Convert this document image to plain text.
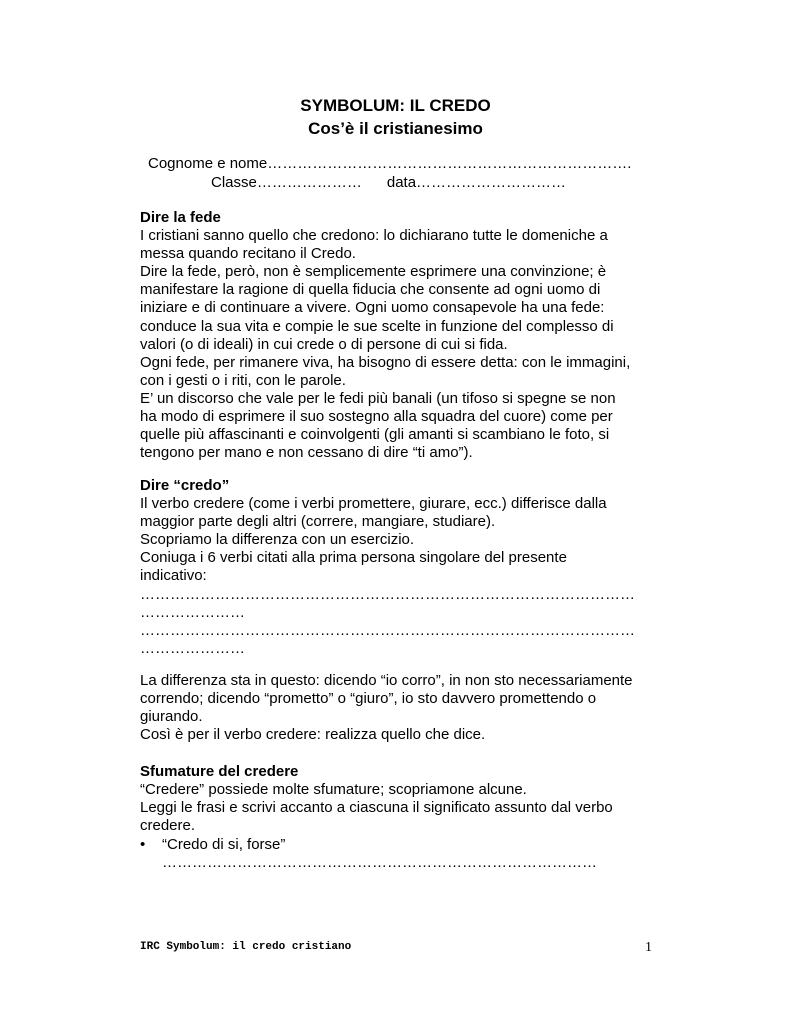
SYMBOLUM: IL CREDO
Cos’è il cristianesimo
Cognome e nome……………………………………………………………….
Classe…………………      data…………………………
Dire la fede
I cristiani sanno quello che credono: lo dichiarano tutte le domeniche a
messa quando recitano il Credo.
Dire la fede, però, non è semplicemente esprimere una convinzione; è
manifestare la ragione di quella fiducia che consente ad ogni uomo di
iniziare e di continuare a vivere. Ogni uomo consapevole ha una fede:
conduce la sua vita e compie le sue scelte in funzione del complesso di
valori (o di ideali) in cui crede o di persone di cui si fida.
Ogni fede, per rimanere viva, ha bisogno di essere detta: con le immagini,
con i gesti o i riti, con le parole.
E’ un discorso che vale per le fedi più banali (un tifoso si spegne se non
ha modo di esprimere il suo sostegno alla squadra del cuore) come per
quelle più affascinanti e coinvolgenti (gli amanti si scambiano le foto, si
tengono per mano e non cessano di dire “ti amo”).
Dire “credo”
Il verbo credere (come i verbi promettere, giurare, ecc.) differisce dalla
maggior parte degli altri (correre, mangiare, studiare).
Scopriamo la differenza con un esercizio.
Coniuga i 6 verbi citati alla prima persona singolare del presente
indicativo:
………………………………………………………………………………………
…………………
………………………………………………………………………………………
…………………
La differenza sta in questo: dicendo “io corro”, in non sto necessariamente
correndo; dicendo “prometto” o “giuro”, io sto davvero promettendo o
giurando.
Così è per il verbo credere: realizza quello che dice.
Sfumature del credere
“Credere” possiede molte sfumature; scopriamone alcune.
Leggi le frasi e scrivi accanto a ciascuna il significato assunto dal verbo
credere.
• “Credo di si, forse”
……………………………………………………………………………
IRC Symbolum: il credo cristiano	1
